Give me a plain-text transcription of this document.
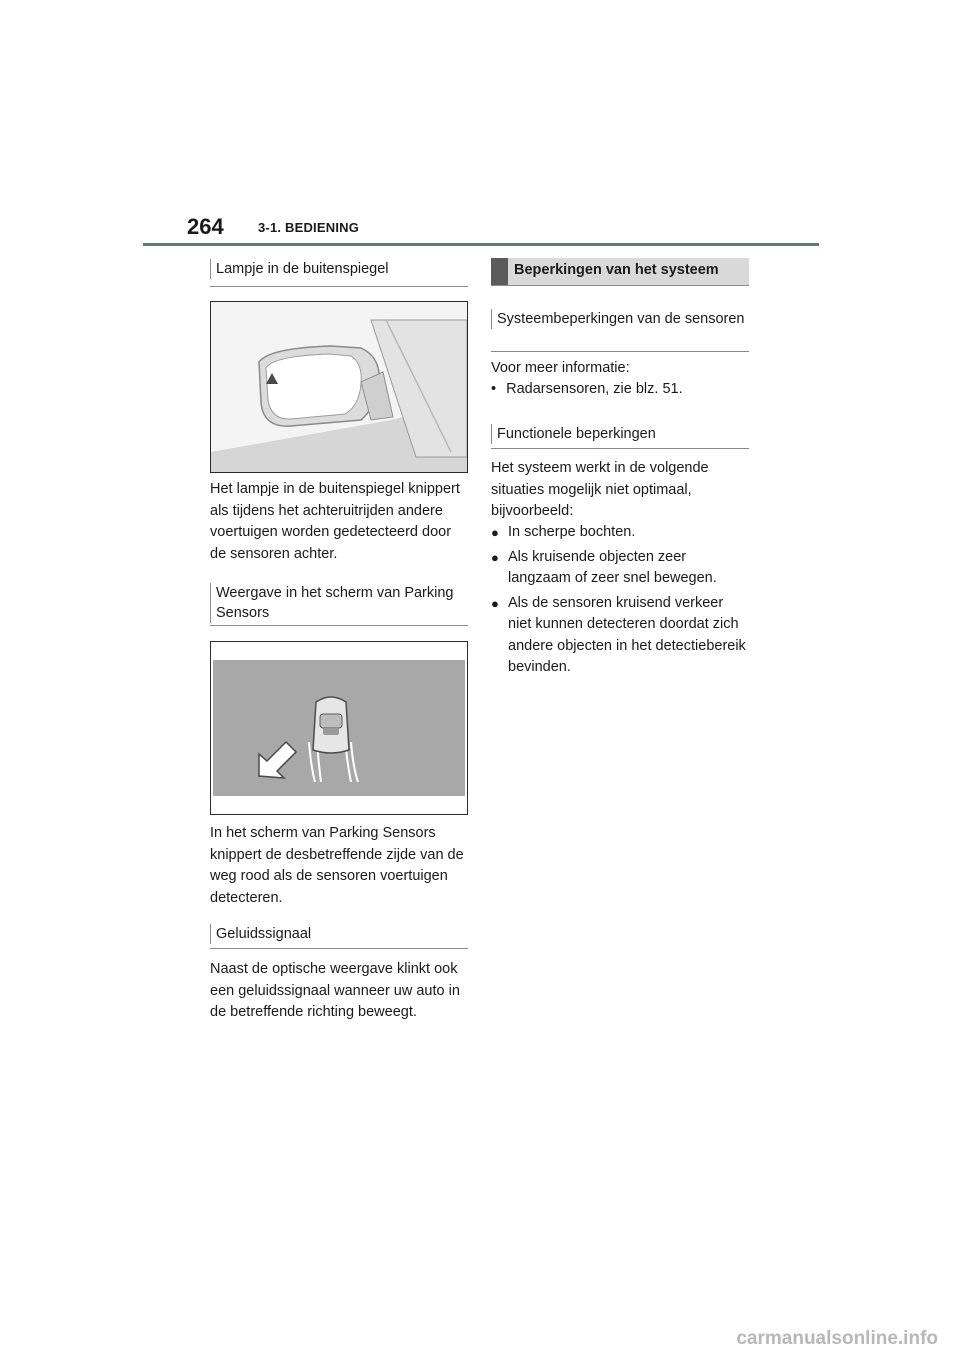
264	3-1. BEDIENING
Lampje in de buitenspiegel
Het lampje in de buitenspiegel knippert als tijdens het achteruitrijden andere voertuigen worden gedetecteerd door de sensoren achter.
Weergave in het scherm van Parking Sensors
In het scherm van Parking Sensors knippert de desbetreffende zijde van de weg rood als de sensoren voertuigen detecteren.
Geluidssignaal
Naast de optische weergave klinkt ook een geluidssignaal wanneer uw auto in de betreffende richting beweegt.
Beperkingen van het systeem
Systeembeperkingen van de sensoren
Voor meer informatie:
• Radarsensoren, zie blz. 51.
Functionele beperkingen
Het systeem werkt in de volgende situaties mogelijk niet optimaal, bijvoorbeeld:
● In scherpe bochten.
● Als kruisende objecten zeer langzaam of zeer snel bewegen.
● Als de sensoren kruisend verkeer niet kunnen detecteren doordat zich andere objecten in het detectiebereik bevinden.
carmanualsonline.info
